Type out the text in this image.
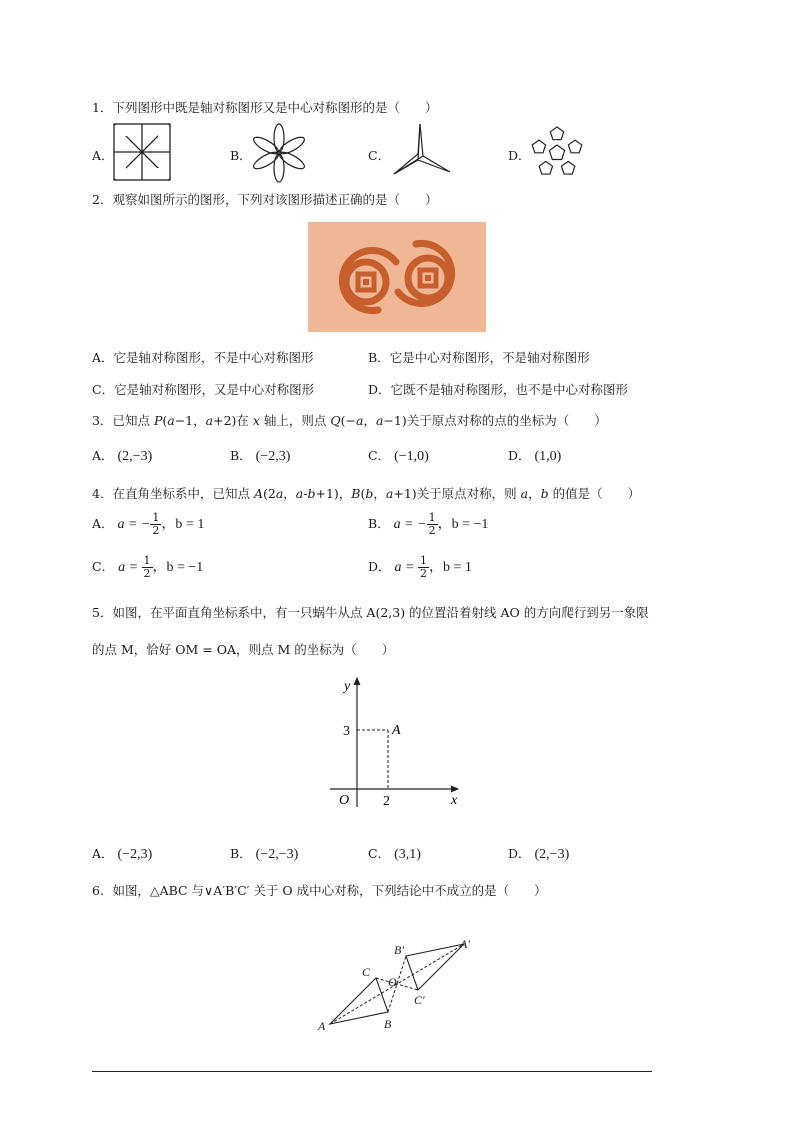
1．下列图形中既是轴对称图形又是中心对称图形的是（　　）
A．	B．	C．	D．
2．观察如图所示的图形，下列对该图形描述正确的是（　　）
A．它是轴对称图形，不是中心对称图形	B．它是中心对称图形，不是轴对称图形
C．它是轴对称图形，又是中心对称图形	D．它既不是轴对称图形，也不是中心对称图形
3．已知点 P(a−1，a+2)在 x 轴上，则点 Q(−a，a−1)关于原点对称的点的坐标为（　　）
A． (2,−3)	B． (−2,3)	C． (−1,0)	D． (1,0)
4．在直角坐标系中，已知点 A(2a，a-b+1)，B(b，a+1)关于原点对称，则 a，b 的值是（　　）
A． a = − $\frac{1}{2}$ ，b = 1	B． a = − $\frac{1}{2}$ ，b = −1
C． $a = \frac{1}{2}$ ，b = −1	D． $a = \frac{1}{2}$ ，b = 1
5．如图，在平面直角坐标系中，有一只蜗牛从点 A(2,3) 的位置沿着射线 AO 的方向爬行到另一象限
的点 M，恰好 OM = OA，则点 M 的坐标为（　　）
y
x
O
3
2
A
A． (−2,3)	B． (−2,−3)	C． (3,1)	D． (2,−3)
6．如图，△ABC 与∨A′B′C′ 关于 O 成中心对称，下列结论中不成立的是（　　）
A	B
C
O
A′
B′
C′
